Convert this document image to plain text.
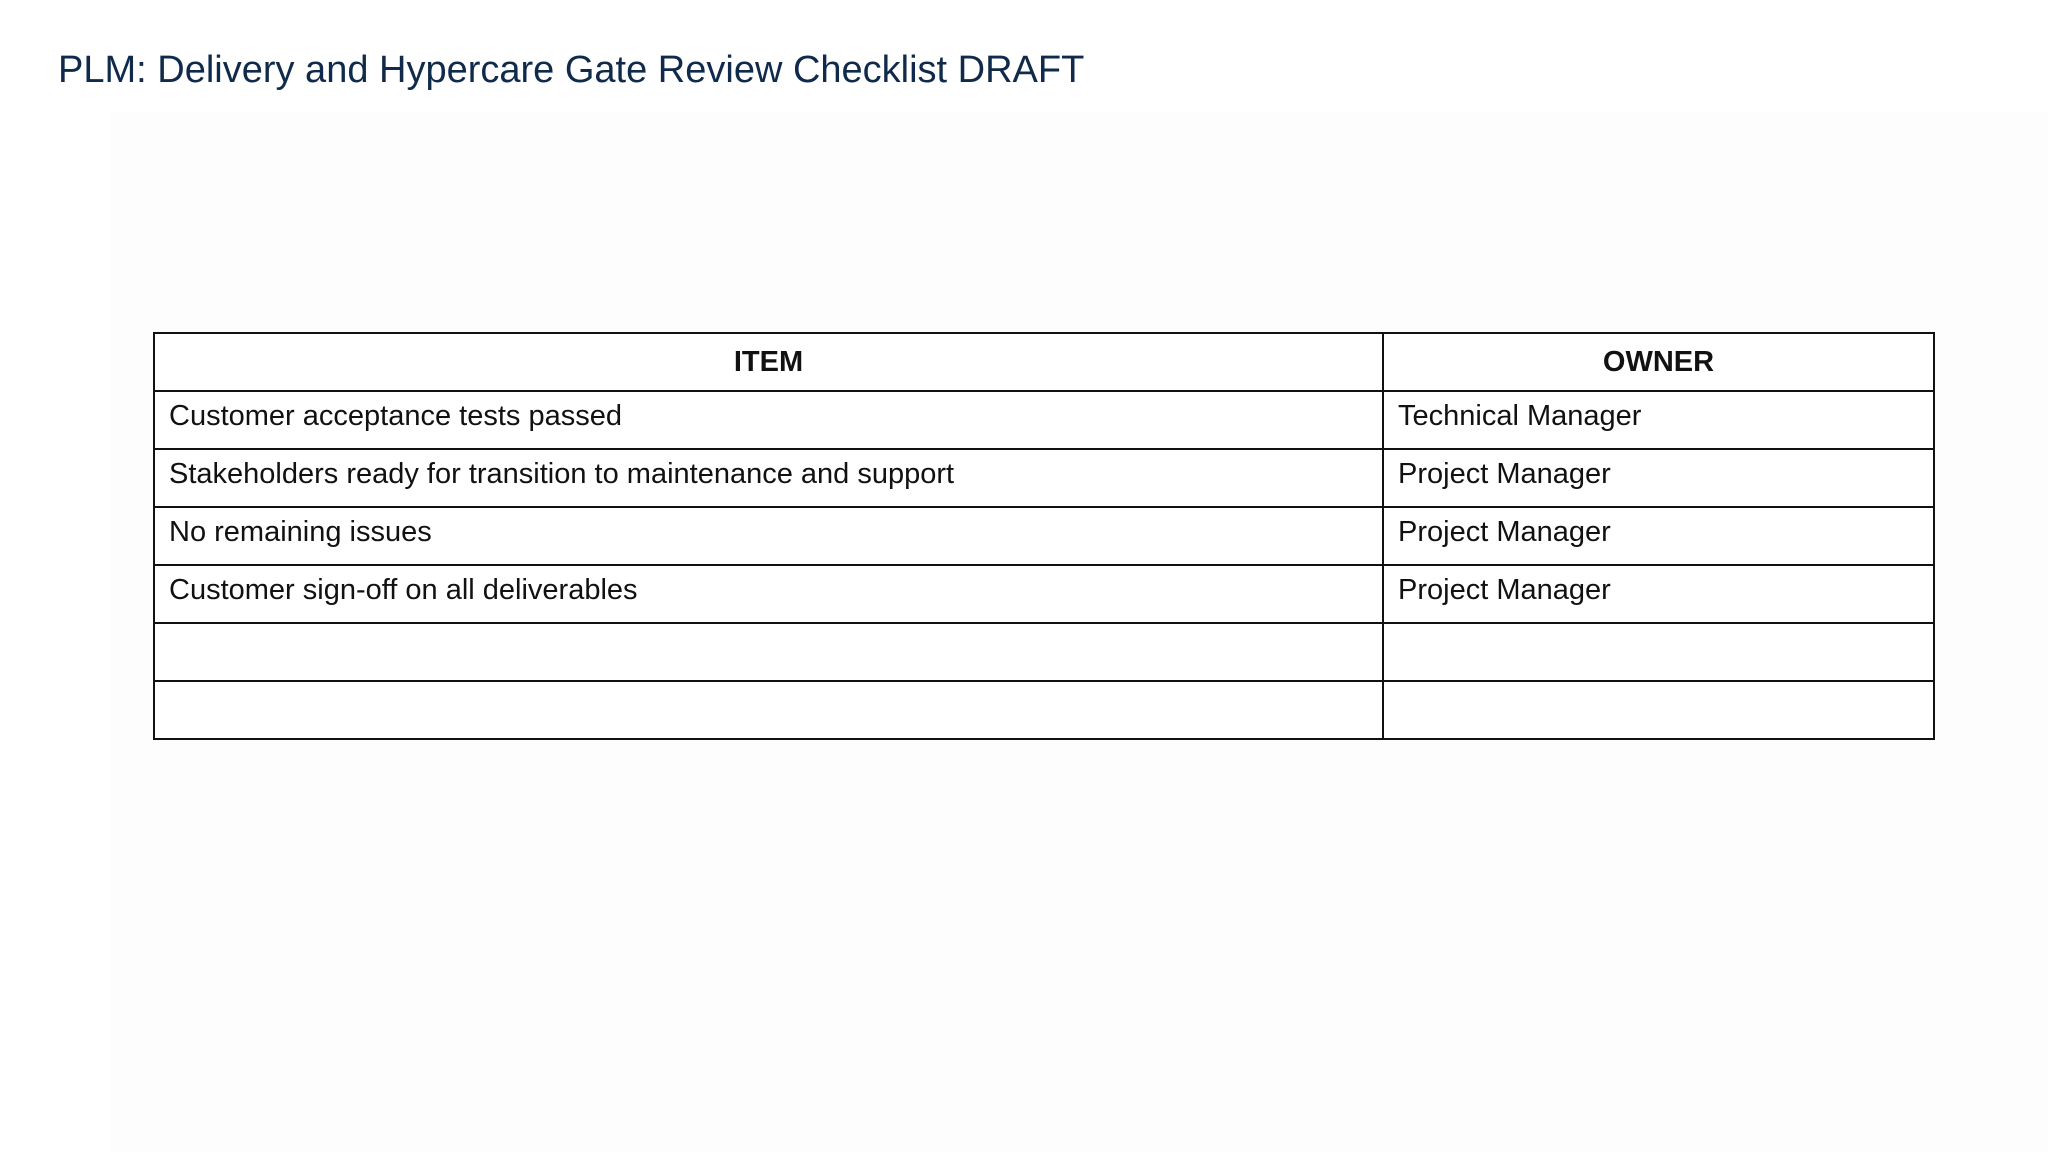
PLM: Delivery and Hypercare Gate Review Checklist DRAFT
ITEM	OWNER
Customer acceptance tests passed	Technical Manager
Stakeholders ready for transition to maintenance and support	Project Manager
No remaining issues	Project Manager
Customer sign-off on all deliverables	Project Manager
